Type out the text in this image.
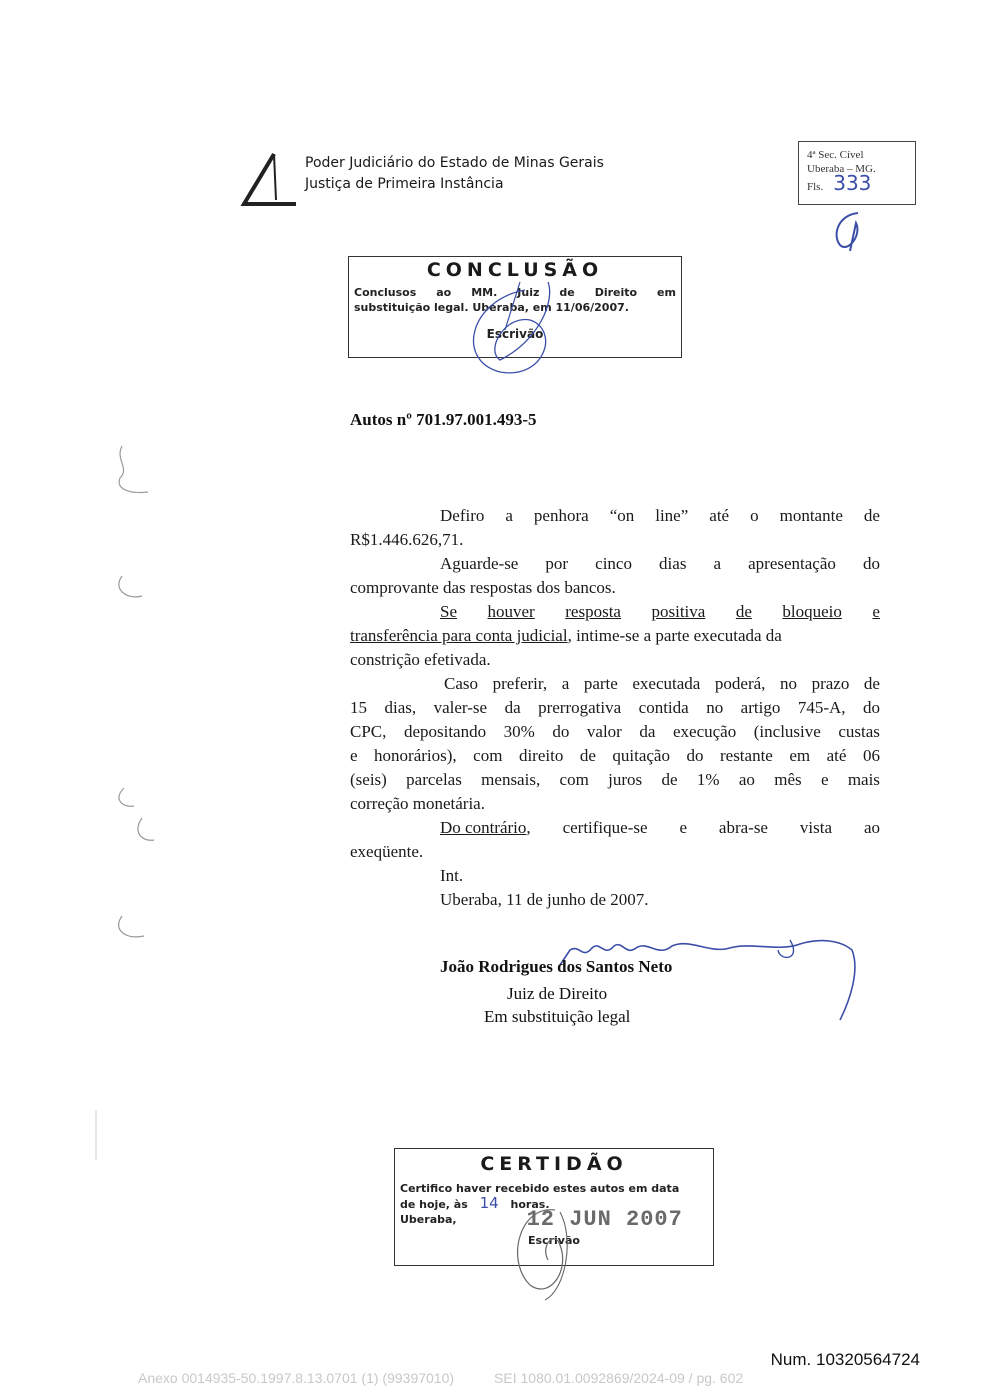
Poder Judiciário do Estado de Minas Gerais
Justiça de Primeira Instância
4ª Sec. Cível
Uberaba – MG.
Fls. 333
CONCLUSÃO
Conclusos ao MM. Juiz de Direito em
substituição legal. Uberaba, em 11/06/2007.
Escrivão
Autos nº 701.97.001.493-5
Defiro a penhora “on line” até o montante de
R$1.446.626,71.
Aguarde-se por cinco dias a apresentação do
comprovante das respostas dos bancos.
Se houver resposta positiva de bloqueio e
transferência para conta judicial, intime-se a parte executada da
constrição efetivada.
Caso preferir, a parte executada poderá, no prazo de
15 dias, valer-se da prerrogativa contida no artigo 745-A, do
CPC, depositando 30% do valor da execução (inclusive custas
e honorários), com direito de quitação do restante em até 06
(seis) parcelas mensais, com juros de 1% ao mês e mais
correção monetária.
Do contrário, certifique-se e abra-se vista ao
exeqüente.
Int.
Uberaba, 11 de junho de 2007.
João Rodrigues dos Santos Neto
Juiz de Direito
Em substituição legal
CERTIDÃO
Certifico haver recebido estes autos em data
de hoje, às 14 horas.
Uberaba,	12 JUN 2007
Escrivão
Num. 10320564724
Anexo 0014935-50.1997.8.13.0701 (1) (99397010)	SEI 1080.01.0092869/2024-09 / pg. 602
